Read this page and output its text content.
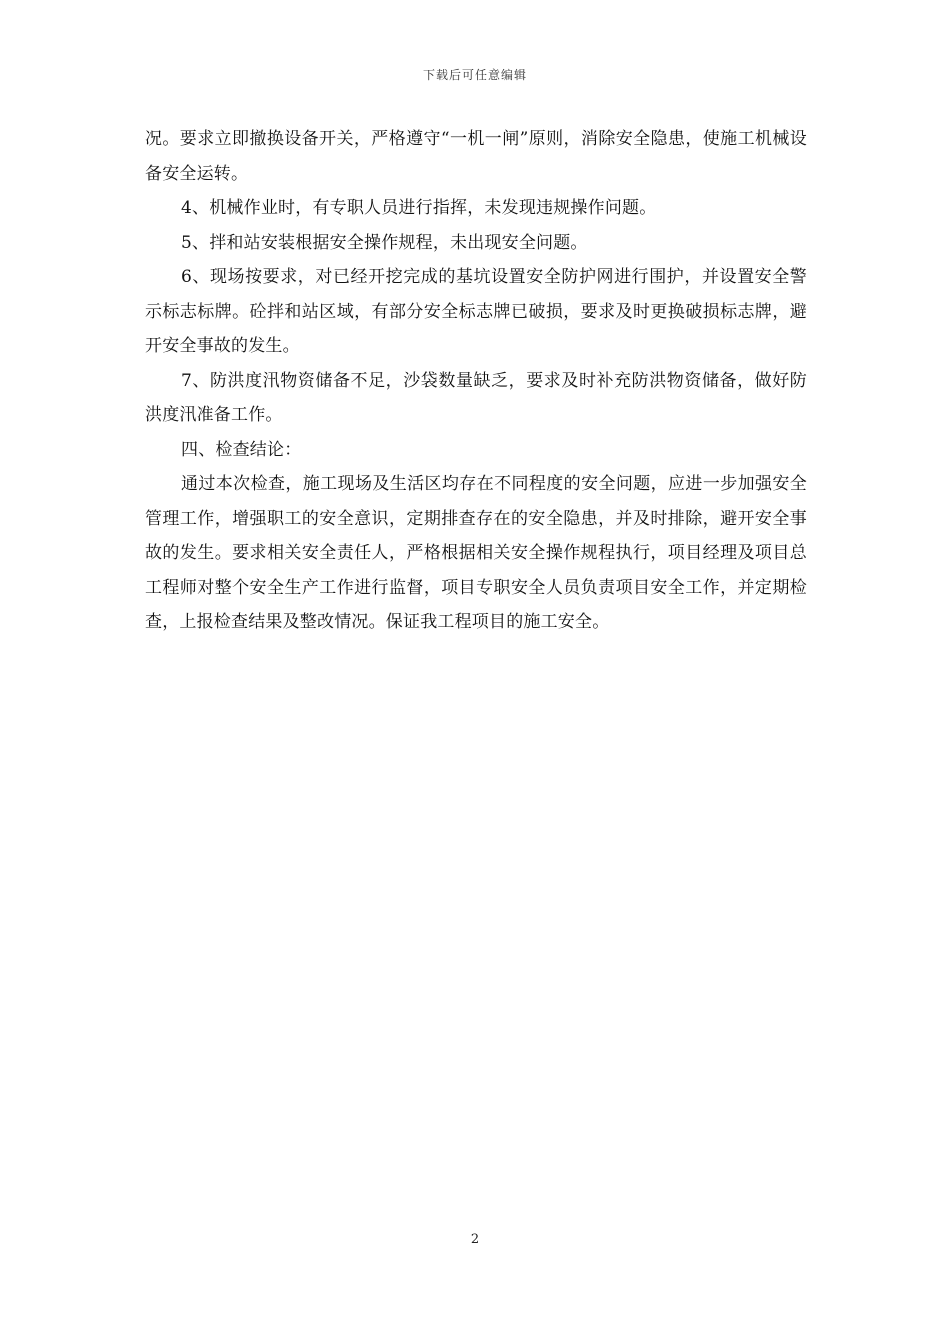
下载后可任意编辑

况。要求立即撤换设备开关，严格遵守“一机一闸”原则，消除安全隐患，使施工机械设备安全运转。

4、机械作业时，有专职人员进行指挥，未发现违规操作问题。

5、拌和站安装根据安全操作规程，未出现安全问题。

6、现场按要求，对已经开挖完成的基坑设置安全防护网进行围护，并设置安全警示标志标牌。砼拌和站区域，有部分安全标志牌已破损，要求及时更换破损标志牌，避开安全事故的发生。

7、防洪度汛物资储备不足，沙袋数量缺乏，要求及时补充防洪物资储备，做好防洪度汛准备工作。

四、检查结论：

通过本次检查，施工现场及生活区均存在不同程度的安全问题，应进一步加强安全管理工作，增强职工的安全意识，定期排查存在的安全隐患，并及时排除，避开安全事故的发生。要求相关安全责任人，严格根据相关安全操作规程执行，项目经理及项目总工程师对整个安全生产工作进行监督，项目专职安全人员负责项目安全工作，并定期检查，上报检查结果及整改情况。保证我工程项目的施工安全。

2
